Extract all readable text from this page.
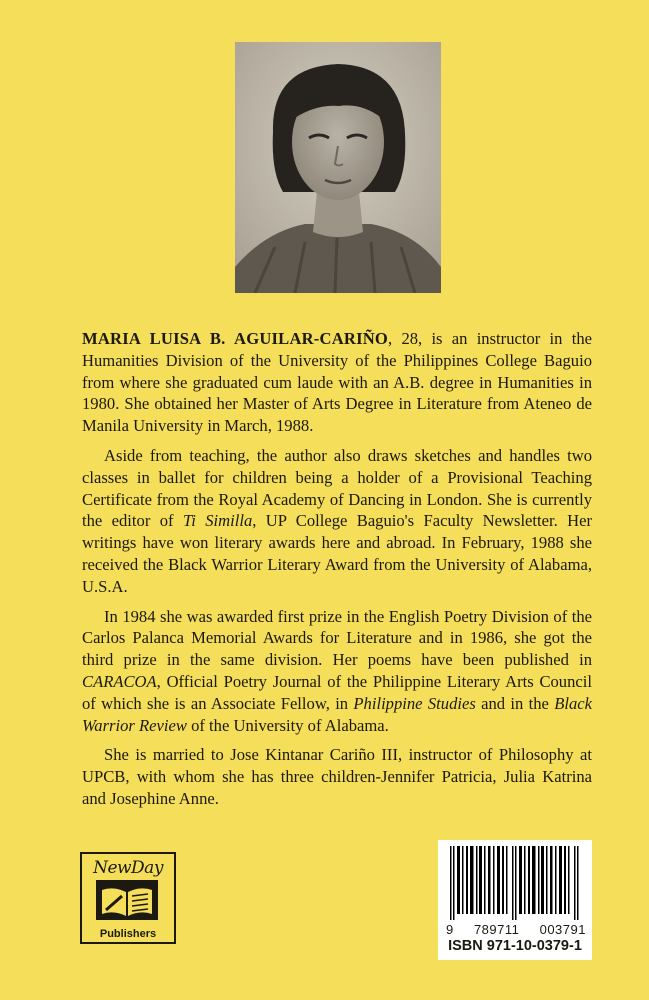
MARIA LUISA B. AGUILAR-CARIÑO, 28, is an instructor in the Humanities Division of the University of the Philippines College Baguio from where she graduated cum laude with an A.B. degree in Humanities in 1980. She obtained her Master of Arts Degree in Literature from Ateneo de Manila University in March, 1988.

Aside from teaching, the author also draws sketches and handles two classes in ballet for children being a holder of a Provisional Teaching Certificate from the Royal Academy of Dancing in London. She is currently the editor of Ti Similla, UP College Baguio's Faculty Newsletter. Her writings have won literary awards here and abroad. In February, 1988 she received the Black Warrior Literary Award from the University of Alabama, U.S.A.

In 1984 she was awarded first prize in the English Poetry Division of the Carlos Palanca Memorial Awards for Literature and in 1986, she got the third prize in the same division. Her poems have been published in CARACOA, Official Poetry Journal of the Philippine Literary Arts Council of which she is an Associate Fellow, in Philippine Studies and in the Black Warrior Review of the University of Alabama.

She is married to Jose Kintanar Cariño III, instructor of Philosophy at UPCB, with whom she has three children-Jennifer Patricia, Julia Katrina and Josephine Anne.

NewDay
Publishers	9 789711 003791
ISBN 971-10-0379-1
